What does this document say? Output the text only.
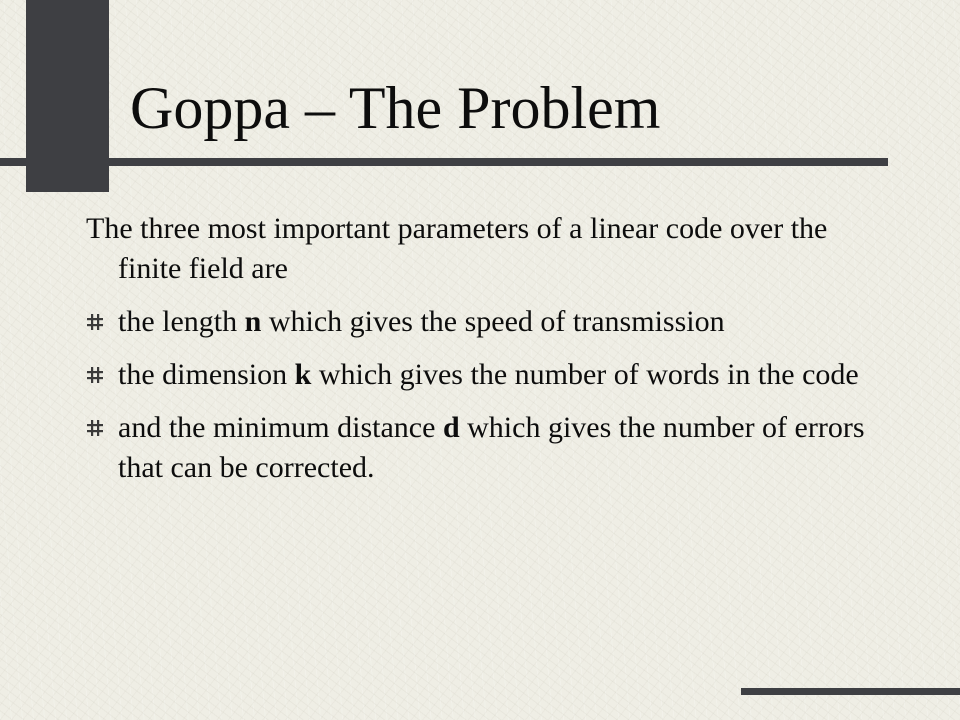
Goppa – The Problem

The three most important parameters of a linear code over the finite field are

the length n which gives the speed of transmission
the dimension k which gives the number of words in the code
and the minimum distance d which gives the number of errors that can be corrected.
